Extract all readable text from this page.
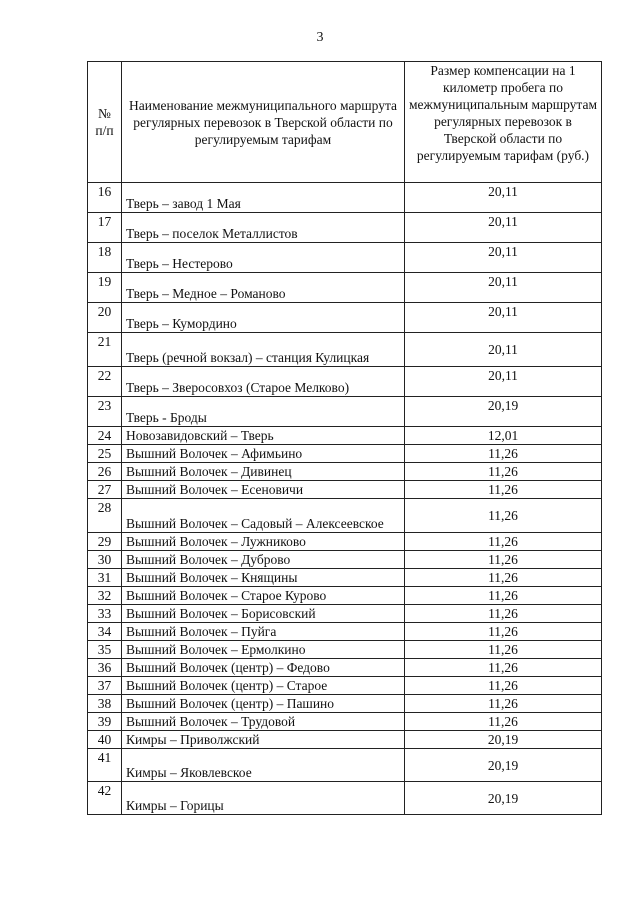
3
№ п/п	Наименование межмуниципального маршрута регулярных перевозок в Тверской области по регулируемым тарифам	Размер компенсации на 1 километр пробега по межмуниципальным маршрутам регулярных перевозок в Тверской области по регулируемым тарифам (руб.)
16	Тверь – завод 1 Мая	20,11
17	Тверь – поселок Металлистов	20,11
18	Тверь – Нестерово	20,11
19	Тверь – Медное – Романово	20,11
20	Тверь – Кумордино	20,11
21	Тверь (речной вокзал) – станция Кулицкая	20,11
22	Тверь – Зверосовхоз (Старое Мелково)	20,11
23	Тверь - Броды	20,19
24	Новозавидовский – Тверь	12,01
25	Вышний Волочек – Афимьино	11,26
26	Вышний Волочек – Дивинец	11,26
27	Вышний Волочек – Есеновичи	11,26
28	Вышний Волочек – Садовый – Алексеевское	11,26
29	Вышний Волочек – Лужниково	11,26
30	Вышний Волочек – Дуброво	11,26
31	Вышний Волочек – Княщины	11,26
32	Вышний Волочек – Старое Курово	11,26
33	Вышний Волочек – Борисовский	11,26
34	Вышний Волочек – Пуйга	11,26
35	Вышний Волочек – Ермолкино	11,26
36	Вышний Волочек (центр) – Федово	11,26
37	Вышний Волочек (центр) – Старое	11,26
38	Вышний Волочек (центр) – Пашино	11,26
39	Вышний Волочек – Трудовой	11,26
40	Кимры – Приволжский	20,19
41	Кимры – Яковлевское	20,19
42	Кимры – Горицы	20,19
